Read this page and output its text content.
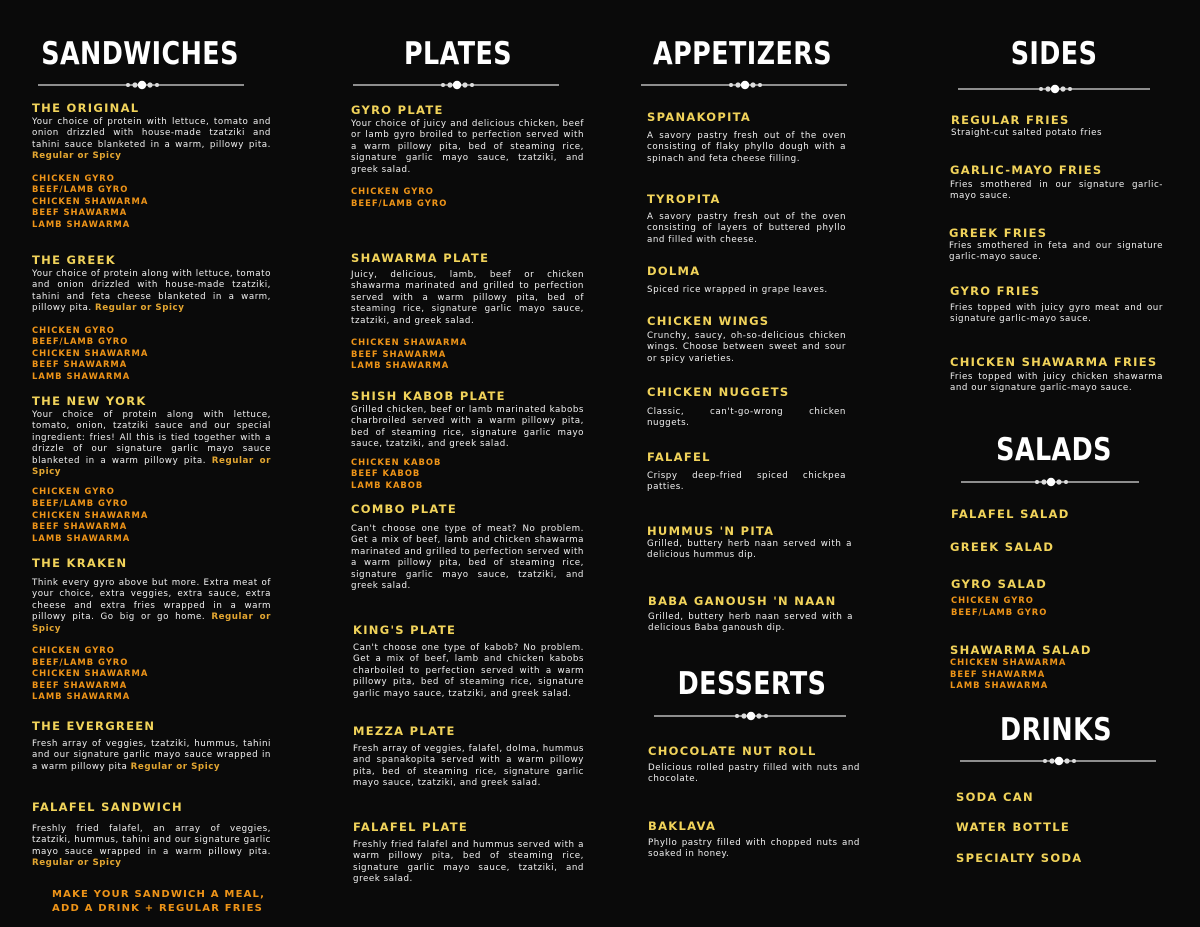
SANDWICHES

THE ORIGINAL

Your choice of protein with lettuce, tomato and onion drizzled with house-made tzatziki and tahini sauce blanketed in a warm, pillowy pita. Regular or Spicy

CHICKEN GYRO
BEEF/LAMB GYRO
CHICKEN SHAWARMA
BEEF SHAWARMA
LAMB SHAWARMA

THE GREEK

Your choice of protein along with lettuce, tomato and onion drizzled with house-made tzatziki, tahini and feta cheese blanketed in a warm, pillowy pita. Regular or Spicy

CHICKEN GYRO
BEEF/LAMB GYRO
CHICKEN SHAWARMA
BEEF SHAWARMA
LAMB SHAWARMA

THE NEW YORK

Your choice of protein along with lettuce, tomato, onion, tzatziki sauce and our special ingredient: fries! All this is tied together with a drizzle of our signature garlic mayo sauce blanketed in a warm pillowy pita. Regular or Spicy

CHICKEN GYRO
BEEF/LAMB GYRO
CHICKEN SHAWARMA
BEEF SHAWARMA
LAMB SHAWARMA

THE KRAKEN

Think every gyro above but more. Extra meat of your choice, extra veggies, extra sauce, extra cheese and extra fries wrapped in a warm pillowy pita. Go big or go home. Regular or Spicy

CHICKEN GYRO
BEEF/LAMB GYRO
CHICKEN SHAWARMA
BEEF SHAWARMA
LAMB SHAWARMA

THE EVERGREEN

Fresh array of veggies, tzatziki, hummus, tahini and our signature garlic mayo sauce wrapped in a warm pillowy pita Regular or Spicy

FALAFEL SANDWICH

Freshly fried falafel, an array of veggies, tzatziki, hummus, tahini and our signature garlic mayo sauce wrapped in a warm pillowy pita. Regular or Spicy

MAKE YOUR SANDWICH A MEAL,
ADD A DRINK + REGULAR FRIES
PLATES

GYRO PLATE

Your choice of juicy and delicious chicken, beef or lamb gyro broiled to perfection served with a warm pillowy pita, bed of steaming rice, signature garlic mayo sauce, tzatziki, and greek salad.

CHICKEN GYRO
BEEF/LAMB GYRO

SHAWARMA PLATE

Juicy, delicious, lamb, beef or chicken shawarma marinated and grilled to perfection served with a warm pillowy pita, bed of steaming rice, signature garlic mayo sauce, tzatziki, and greek salad.

CHICKEN SHAWARMA
BEEF SHAWARMA
LAMB SHAWARMA

SHISH KABOB PLATE

Grilled chicken, beef or lamb marinated kabobs charbroiled served with a warm pillowy pita, bed of steaming rice, signature garlic mayo sauce, tzatziki, and greek salad.

CHICKEN KABOB
BEEF KABOB
LAMB KABOB

COMBO PLATE

Can't choose one type of meat? No problem. Get a mix of beef, lamb and chicken shawarma marinated and grilled to perfection served with a warm pillowy pita, bed of steaming rice, signature garlic mayo sauce, tzatziki, and greek salad.

KING'S PLATE

Can't choose one type of kabob? No problem. Get a mix of beef, lamb and chicken kabobs charboiled to perfection served with a warm pillowy pita, bed of steaming rice, signature garlic mayo sauce, tzatziki, and greek salad.

MEZZA PLATE

Fresh array of veggies, falafel, dolma, hummus and spanakopita served with a warm pillowy pita, bed of steaming rice, signature garlic mayo sauce, tzatziki, and greek salad.

FALAFEL PLATE

Freshly fried falafel and hummus served with a warm pillowy pita, bed of steaming rice, signature garlic mayo sauce, tzatziki, and greek salad.

APPETIZERS

SPANAKOPITA

A savory pastry fresh out of the oven consisting of flaky phyllo dough with a spinach and feta cheese filling.

TYROPITA

A savory pastry fresh out of the oven consisting of layers of buttered phyllo and filled with cheese.

DOLMA

Spiced rice wrapped in grape leaves.

CHICKEN WINGS

Crunchy, saucy, oh-so-delicious chicken wings. Choose between sweet and sour or spicy varieties.

CHICKEN NUGGETS

Classic, can't-go-wrong chicken nuggets.

FALAFEL

Crispy deep-fried spiced chickpea patties.

HUMMUS 'N PITA

Grilled, buttery herb naan served with a delicious hummus dip.

BABA GANOUSH 'N NAAN

Grilled, buttery herb naan served with a delicious Baba ganoush dip.

DESSERTS

CHOCOLATE NUT ROLL

Delicious rolled pastry filled with nuts and chocolate.

BAKLAVA

Phyllo pastry filled with chopped nuts and soaked in honey.

SIDES

REGULAR FRIES

Straight-cut salted potato fries

GARLIC-MAYO FRIES

Fries smothered in our signature garlic-mayo sauce.

GREEK FRIES

Fries smothered in feta and our signature garlic-mayo sauce.

GYRO FRIES

Fries topped with juicy gyro meat and our signature garlic-mayo sauce.

CHICKEN SHAWARMA FRIES

Fries topped with juicy chicken shawarma and our signature garlic-mayo sauce.

SALADS

FALAFEL SALAD

GREEK SALAD

GYRO SALAD

CHICKEN GYRO
BEEF/LAMB GYRO

SHAWARMA SALAD

CHICKEN SHAWARMA
BEEF SHAWARMA
LAMB SHAWARMA
DRINKS

SODA CAN

WATER BOTTLE

SPECIALTY SODA
